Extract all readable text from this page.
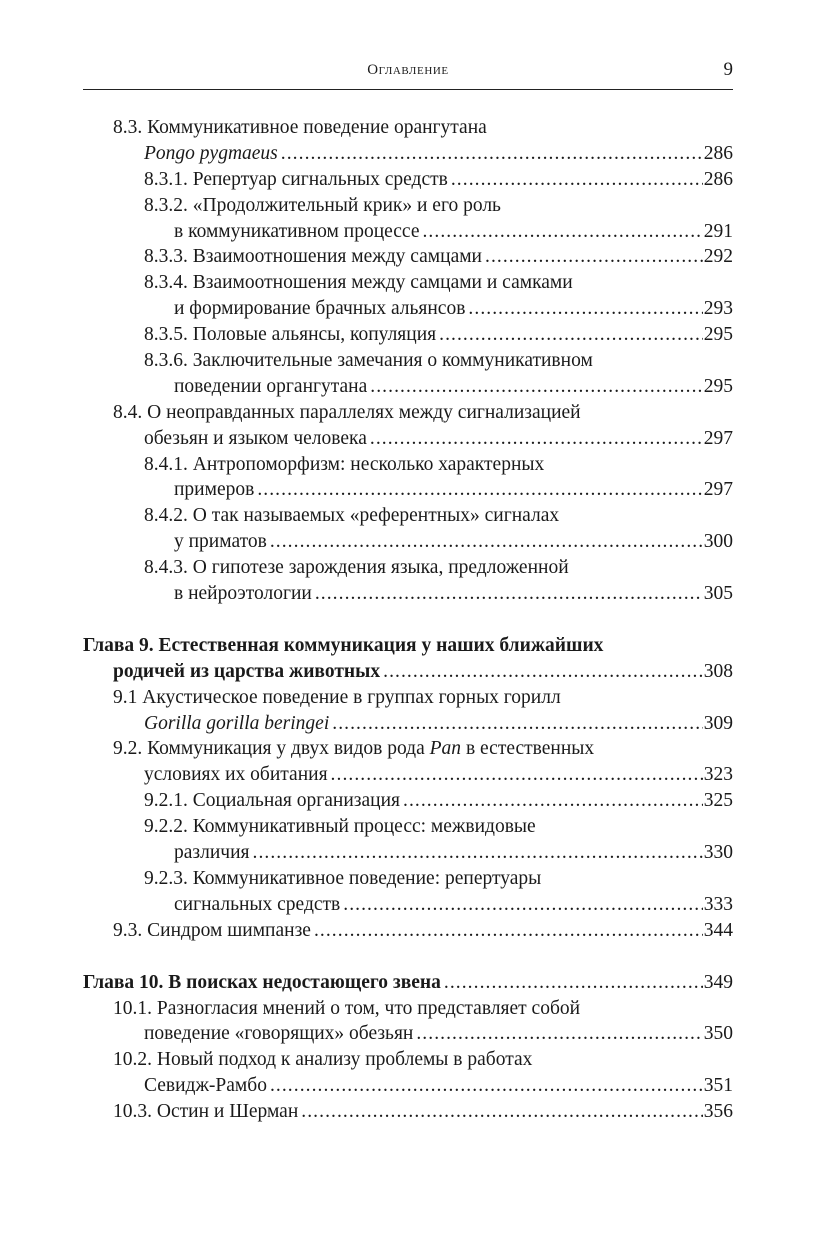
Оглавление	9
8.3. Коммуникативное поведение орангутана
Pongo pygmaeus . . .	286
8.3.1. Репертуар сигнальных средств . . .	286
8.3.2. «Продолжительный крик» и его роль
в коммуникативном процессе . . .	291
8.3.3. Взаимоотношения между самцами . . .	292
8.3.4. Взаимоотношения между самцами и самками
и формирование брачных альянсов . . .	293
8.3.5. Половые альянсы, копуляция . . .	295
8.3.6. Заключительные замечания о коммуникативном
поведении органгутана . . .	295
8.4. О неоправданных параллелях между сигнализацией
обезьян и языком человека . . .	297
8.4.1. Антропоморфизм: несколько характерных
примеров . . .	297
8.4.2. О так называемых «референтных» сигналах
у приматов . . .	300
8.4.3. О гипотезе зарождения языка, предложенной
в нейроэтологии . . .	305
Глава 9. Естественная коммуникация у наших ближайших
родичей из царства животных . . .	308
9.1 Акустическое поведение в группах горных горилл
Gorilla gorilla beringei . . .	309
9.2. Коммуникация у двух видов рода Pan в естественных
условиях их обитания . . .	323
9.2.1. Социальная организация . . .	325
9.2.2. Коммуникативный процесс: межвидовые
различия . . .	330
9.2.3. Коммуникативное поведение: репертуары
сигнальных средств . . .	333
9.3. Синдром шимпанзе . . .	344
Глава 10. В поисках недостающего звена . . .	349
10.1. Разногласия мнений о том, что представляет собой
поведение «говорящих» обезьян . . .	350
10.2. Новый подход к анализу проблемы в работах
Севидж-Рамбо . . .	351
10.3. Остин и Шерман . . .	356
